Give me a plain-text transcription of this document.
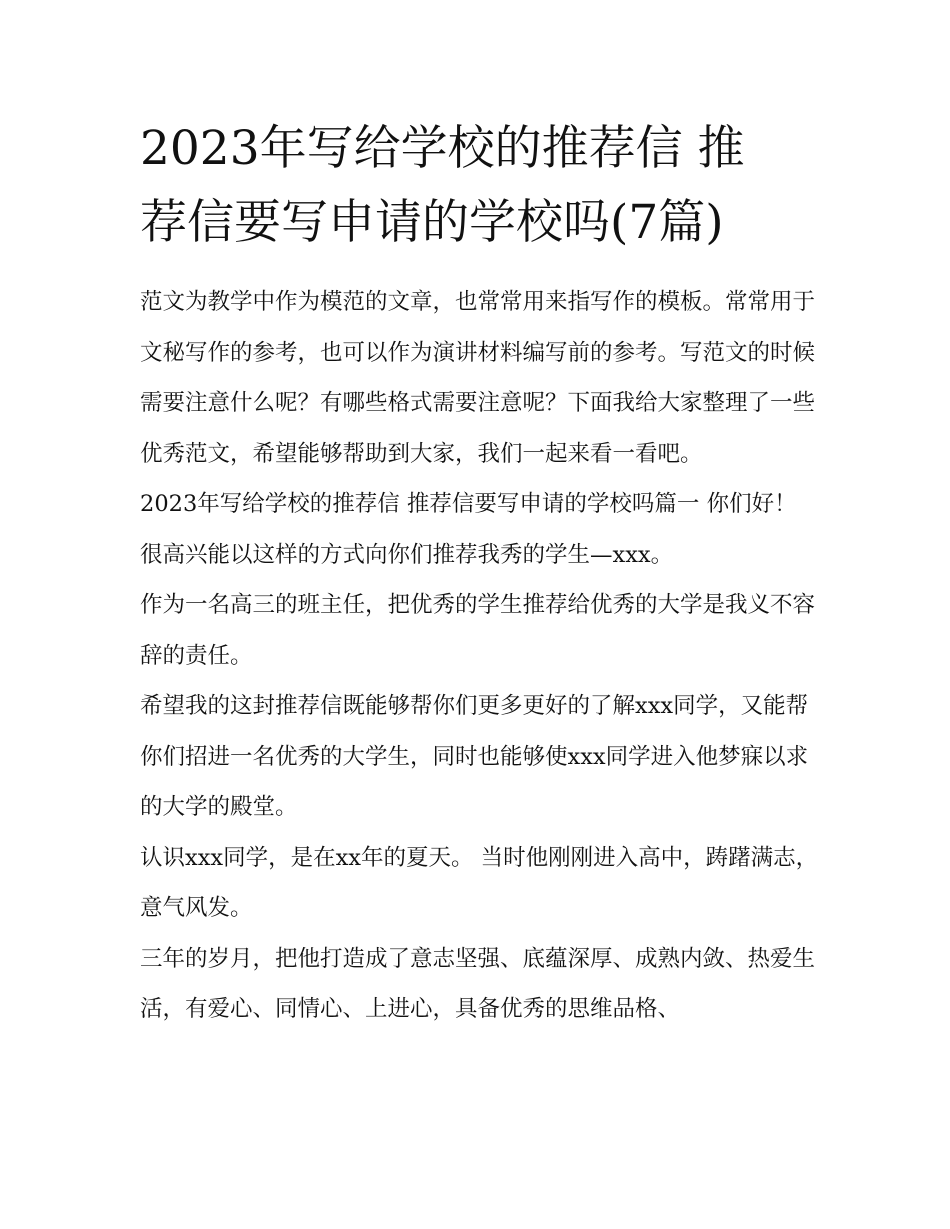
2023年写给学校的推荐信 推
荐信要写申请的学校吗(7篇)

范文为教学中作为模范的文章，也常常用来指写作的模板。常常用于文秘写作的参考，也可以作为演讲材料编写前的参考。写范文的时候需要注意什么呢？有哪些格式需要注意呢？下面我给大家整理了一些优秀范文，希望能够帮助到大家，我们一起来看一看吧。

2023年写给学校的推荐信 推荐信要写申请的学校吗篇一 你们好！ 很高兴能以这样的方式向你们推荐我秀的学生—xxx。

作为一名高三的班主任，把优秀的学生推荐给优秀的大学是我义不容辞的责任。

希望我的这封推荐信既能够帮你们更多更好的了解xxx同学，又能帮你们招进一名优秀的大学生，同时也能够使xxx同学进入他梦寐以求的大学的殿堂。

认识xxx同学，是在xx年的夏天。 当时他刚刚进入高中，踌躇满志，意气风发。

三年的岁月，把他打造成了意志坚强、底蕴深厚、成熟内敛、热爱生活，有爱心、同情心、上进心，具备优秀的思维品格、
